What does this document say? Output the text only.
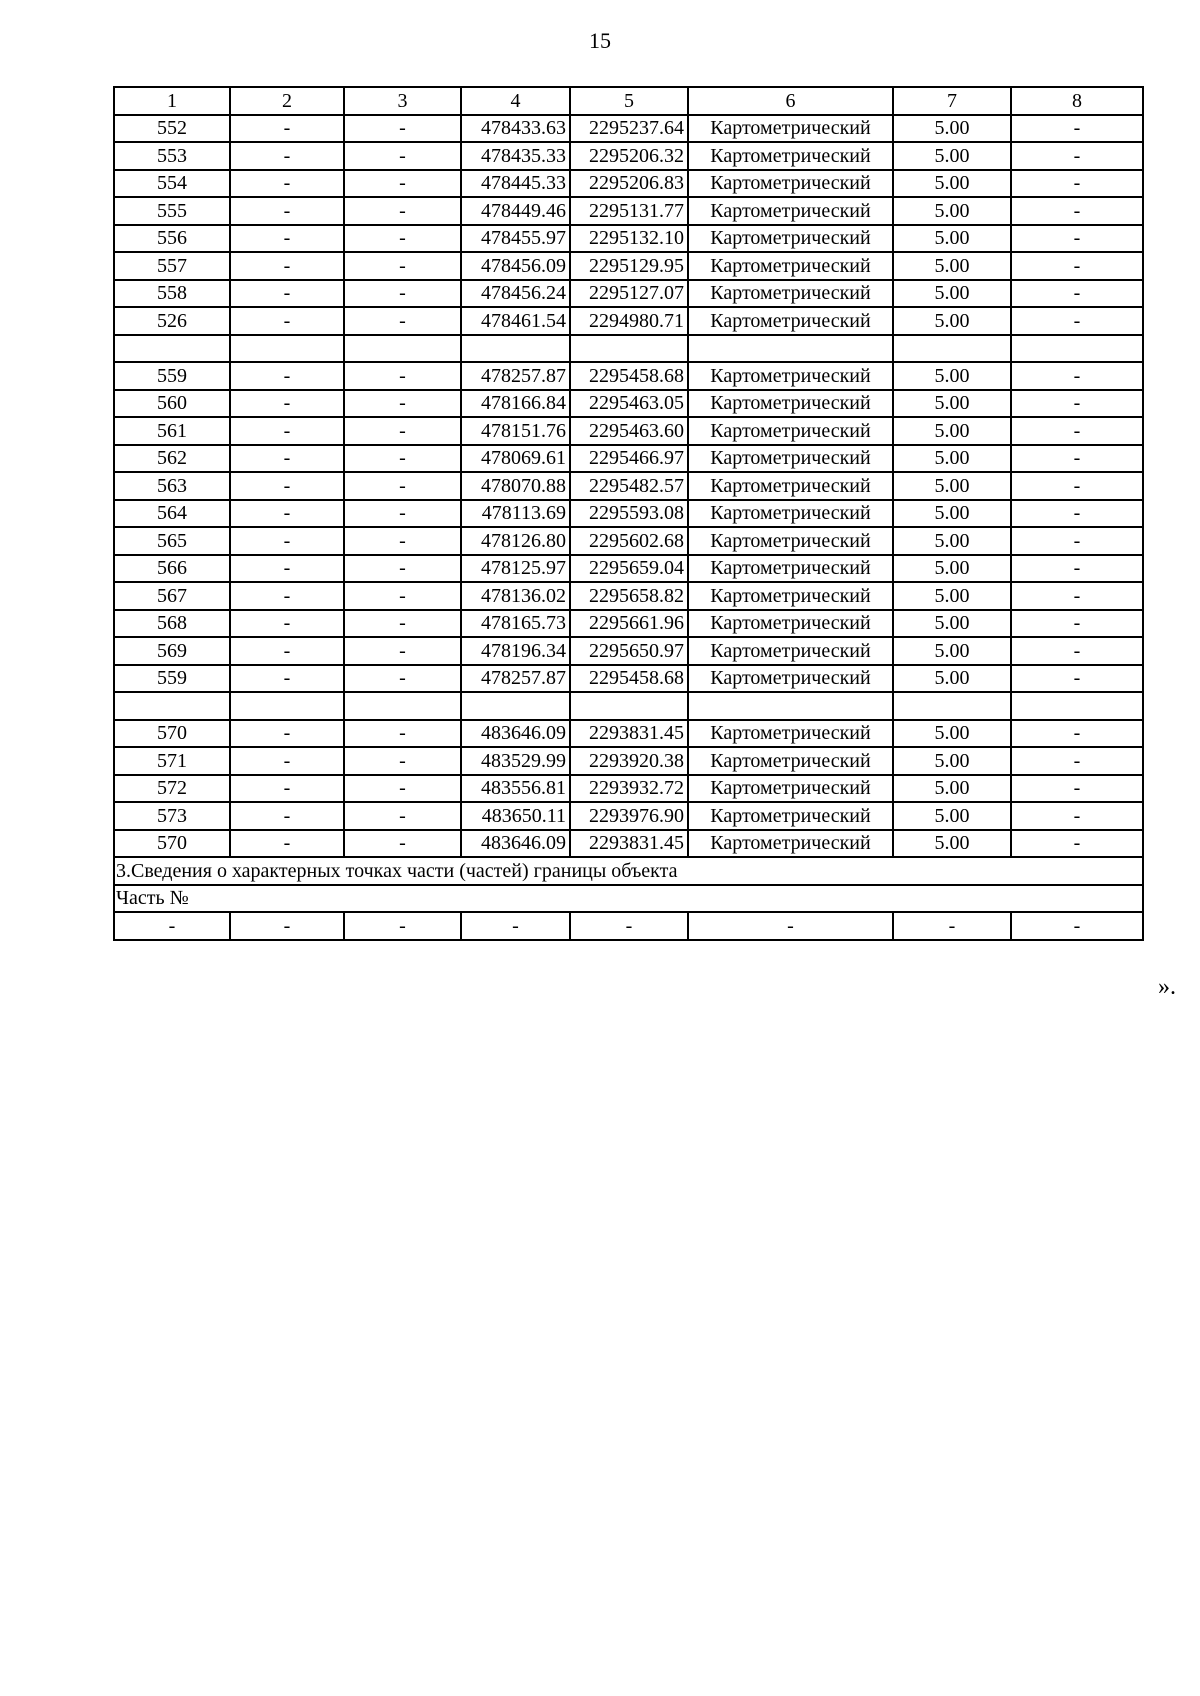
15
1	2	3	4	5	6	7	8
552	-	-	478433.63	2295237.64	Картометрический	5.00	-
553	-	-	478435.33	2295206.32	Картометрический	5.00	-
554	-	-	478445.33	2295206.83	Картометрический	5.00	-
555	-	-	478449.46	2295131.77	Картометрический	5.00	-
556	-	-	478455.97	2295132.10	Картометрический	5.00	-
557	-	-	478456.09	2295129.95	Картометрический	5.00	-
558	-	-	478456.24	2295127.07	Картометрический	5.00	-
526	-	-	478461.54	2294980.71	Картометрический	5.00	-

559	-	-	478257.87	2295458.68	Картометрический	5.00	-
560	-	-	478166.84	2295463.05	Картометрический	5.00	-
561	-	-	478151.76	2295463.60	Картометрический	5.00	-
562	-	-	478069.61	2295466.97	Картометрический	5.00	-
563	-	-	478070.88	2295482.57	Картометрический	5.00	-
564	-	-	478113.69	2295593.08	Картометрический	5.00	-
565	-	-	478126.80	2295602.68	Картометрический	5.00	-
566	-	-	478125.97	2295659.04	Картометрический	5.00	-
567	-	-	478136.02	2295658.82	Картометрический	5.00	-
568	-	-	478165.73	2295661.96	Картометрический	5.00	-
569	-	-	478196.34	2295650.97	Картометрический	5.00	-
559	-	-	478257.87	2295458.68	Картометрический	5.00	-

570	-	-	483646.09	2293831.45	Картометрический	5.00	-
571	-	-	483529.99	2293920.38	Картометрический	5.00	-
572	-	-	483556.81	2293932.72	Картометрический	5.00	-
573	-	-	483650.11	2293976.90	Картометрический	5.00	-
570	-	-	483646.09	2293831.45	Картометрический	5.00	-
3.Сведения о характерных точках части (частей) границы объекта							
Часть №							
-	-	-	-	-	-	-	-
».
